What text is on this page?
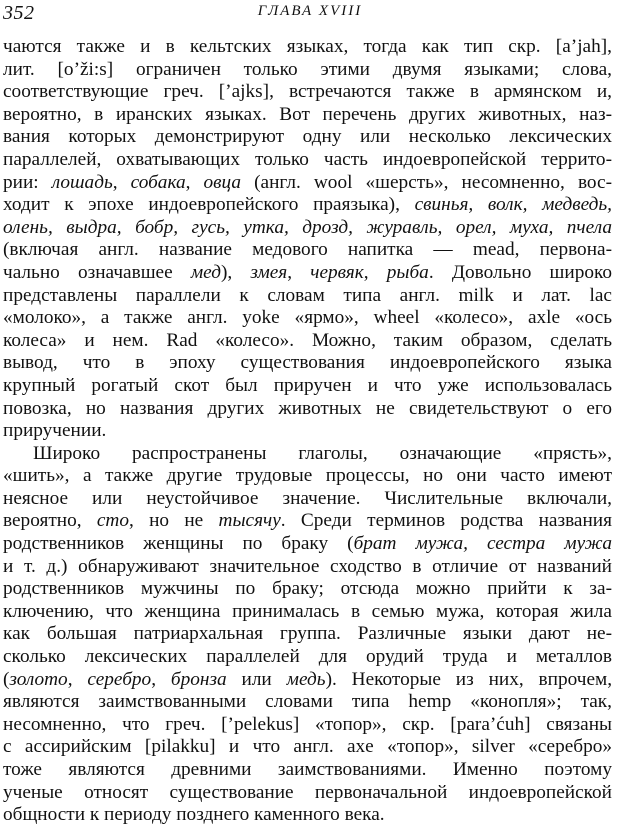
352	ГЛАВА XVIII
чаются также и в кельтских языках, тогда как тип скр. [a’jah],
лит. [o’ži:s] ограничен только этими двумя языками; слова,
соответствующие греч. [’ajks], встречаются также в армянском и,
вероятно, в иранских языках. Вот перечень других животных, наз-
вания которых демонстрируют одну или несколько лексических
параллелей, охватывающих только часть индоевропейской террито-
рии: лошадь, собака, овца (англ. wool «шерсть», несомненно, вос-
ходит к эпохе индоевропейского праязыка), свинья, волк, медведь,
олень, выдра, бобр, гусь, утка, дрозд, журавль, орел, муха, пчела
(включая англ. название медового напитка — mead, первона-
чально означавшее мед), змея, червяк, рыба. Довольно широко
представлены параллели к словам типа англ. milk и лат. lac
«молоко», а также англ. yoke «ярмо», wheel «колесо», axle «ось
колеса» и нем. Rad «колесо». Можно, таким образом, сделать
вывод, что в эпоху существования индоевропейского языка
крупный рогатый скот был приручен и что уже использовалась
повозка, но названия других животных не свидетельствуют о его
приручении.
Широко распространены глаголы, означающие «прясть»,
«шить», а также другие трудовые процессы, но они часто имеют
неясное или неустойчивое значение. Числительные включали,
вероятно, сто, но не тысячу. Среди терминов родства названия
родственников женщины по браку (брат мужа, сестра мужа
и т. д.) обнаруживают значительное сходство в отличие от названий
родственников мужчины по браку; отсюда можно прийти к за-
ключению, что женщина принималась в семью мужа, которая жила
как большая патриархальная группа. Различные языки дают не-
сколько лексических параллелей для орудий труда и металлов
(золото, серебро, бронза или медь). Некоторые из них, впрочем,
являются заимствованными словами типа hemp «конопля»; так,
несомненно, что греч. [’pelekus] «топор», скр. [para’ćuh] связаны
с ассирийским [pilakku] и что англ. axe «топор», silver «серебро»
тоже являются древними заимствованиями. Именно поэтому
ученые относят существование первоначальной индоевропейской
общности к периоду позднего каменного века.
